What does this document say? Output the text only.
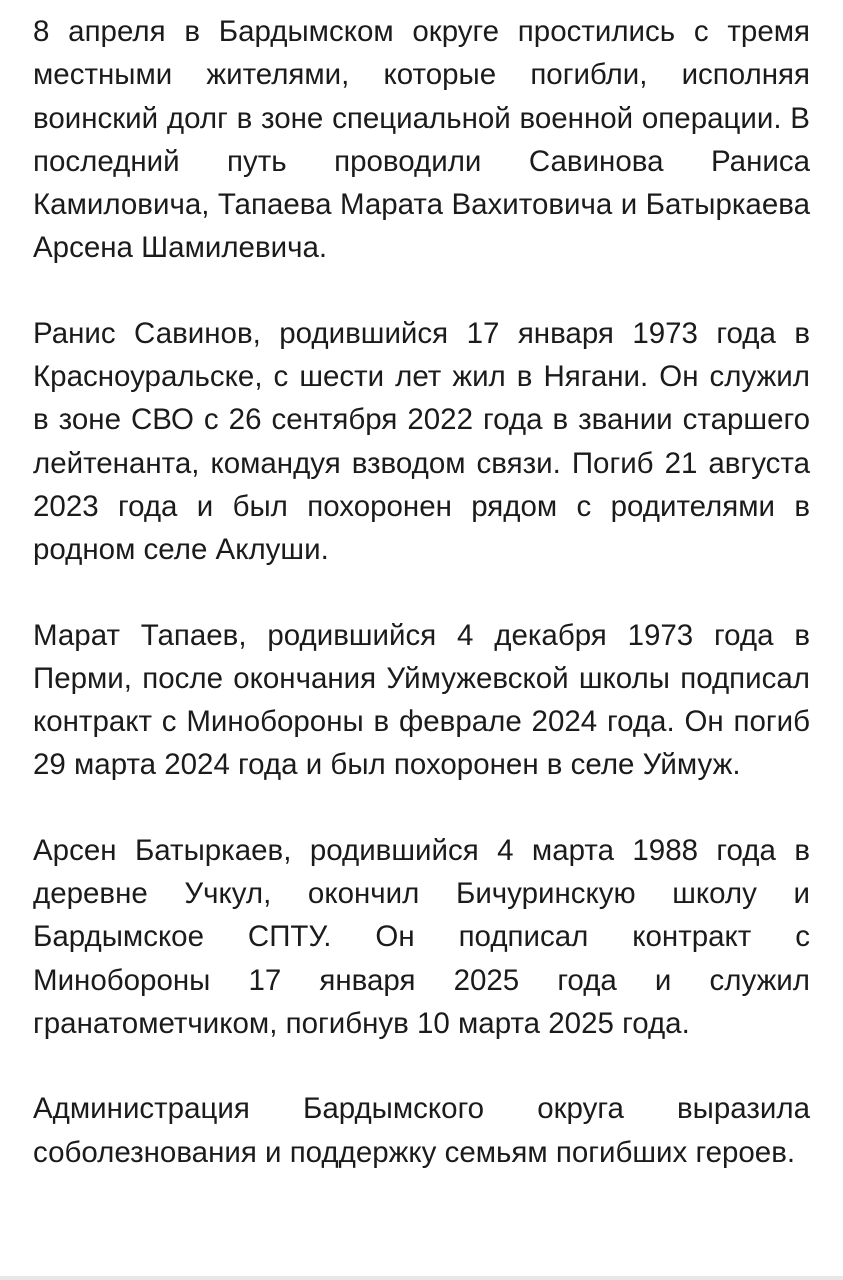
8 апреля в Бардымском округе простились с тремя местными жителями, которые погибли, исполняя воинский долг в зоне специальной военной операции. В последний путь проводили Савинова Раниса Камиловича, Тапаева Марата Вахитовича и Батыркаева Арсена Шамилевича.

Ранис Савинов, родившийся 17 января 1973 года в Красноуральске, с шести лет жил в Нягани. Он служил в зоне СВО с 26 сентября 2022 года в звании старшего лейтенанта, командуя взводом связи. Погиб 21 августа 2023 года и был похоронен рядом с родителями в родном селе Аклуши.

Марат Тапаев, родившийся 4 декабря 1973 года в Перми, после окончания Уймужевской школы подписал контракт с Минобороны в феврале 2024 года. Он погиб 29 марта 2024 года и был похоронен в селе Уймуж.

Арсен Батыркаев, родившийся 4 марта 1988 года в деревне Учкул, окончил Бичуринскую школу и Бардымское СПТУ. Он подписал контракт с Минобороны 17 января 2025 года и служил гранатометчиком, погибнув 10 марта 2025 года.

Администрация Бардымского округа выразила соболезнования и поддержку семьям погибших героев.
